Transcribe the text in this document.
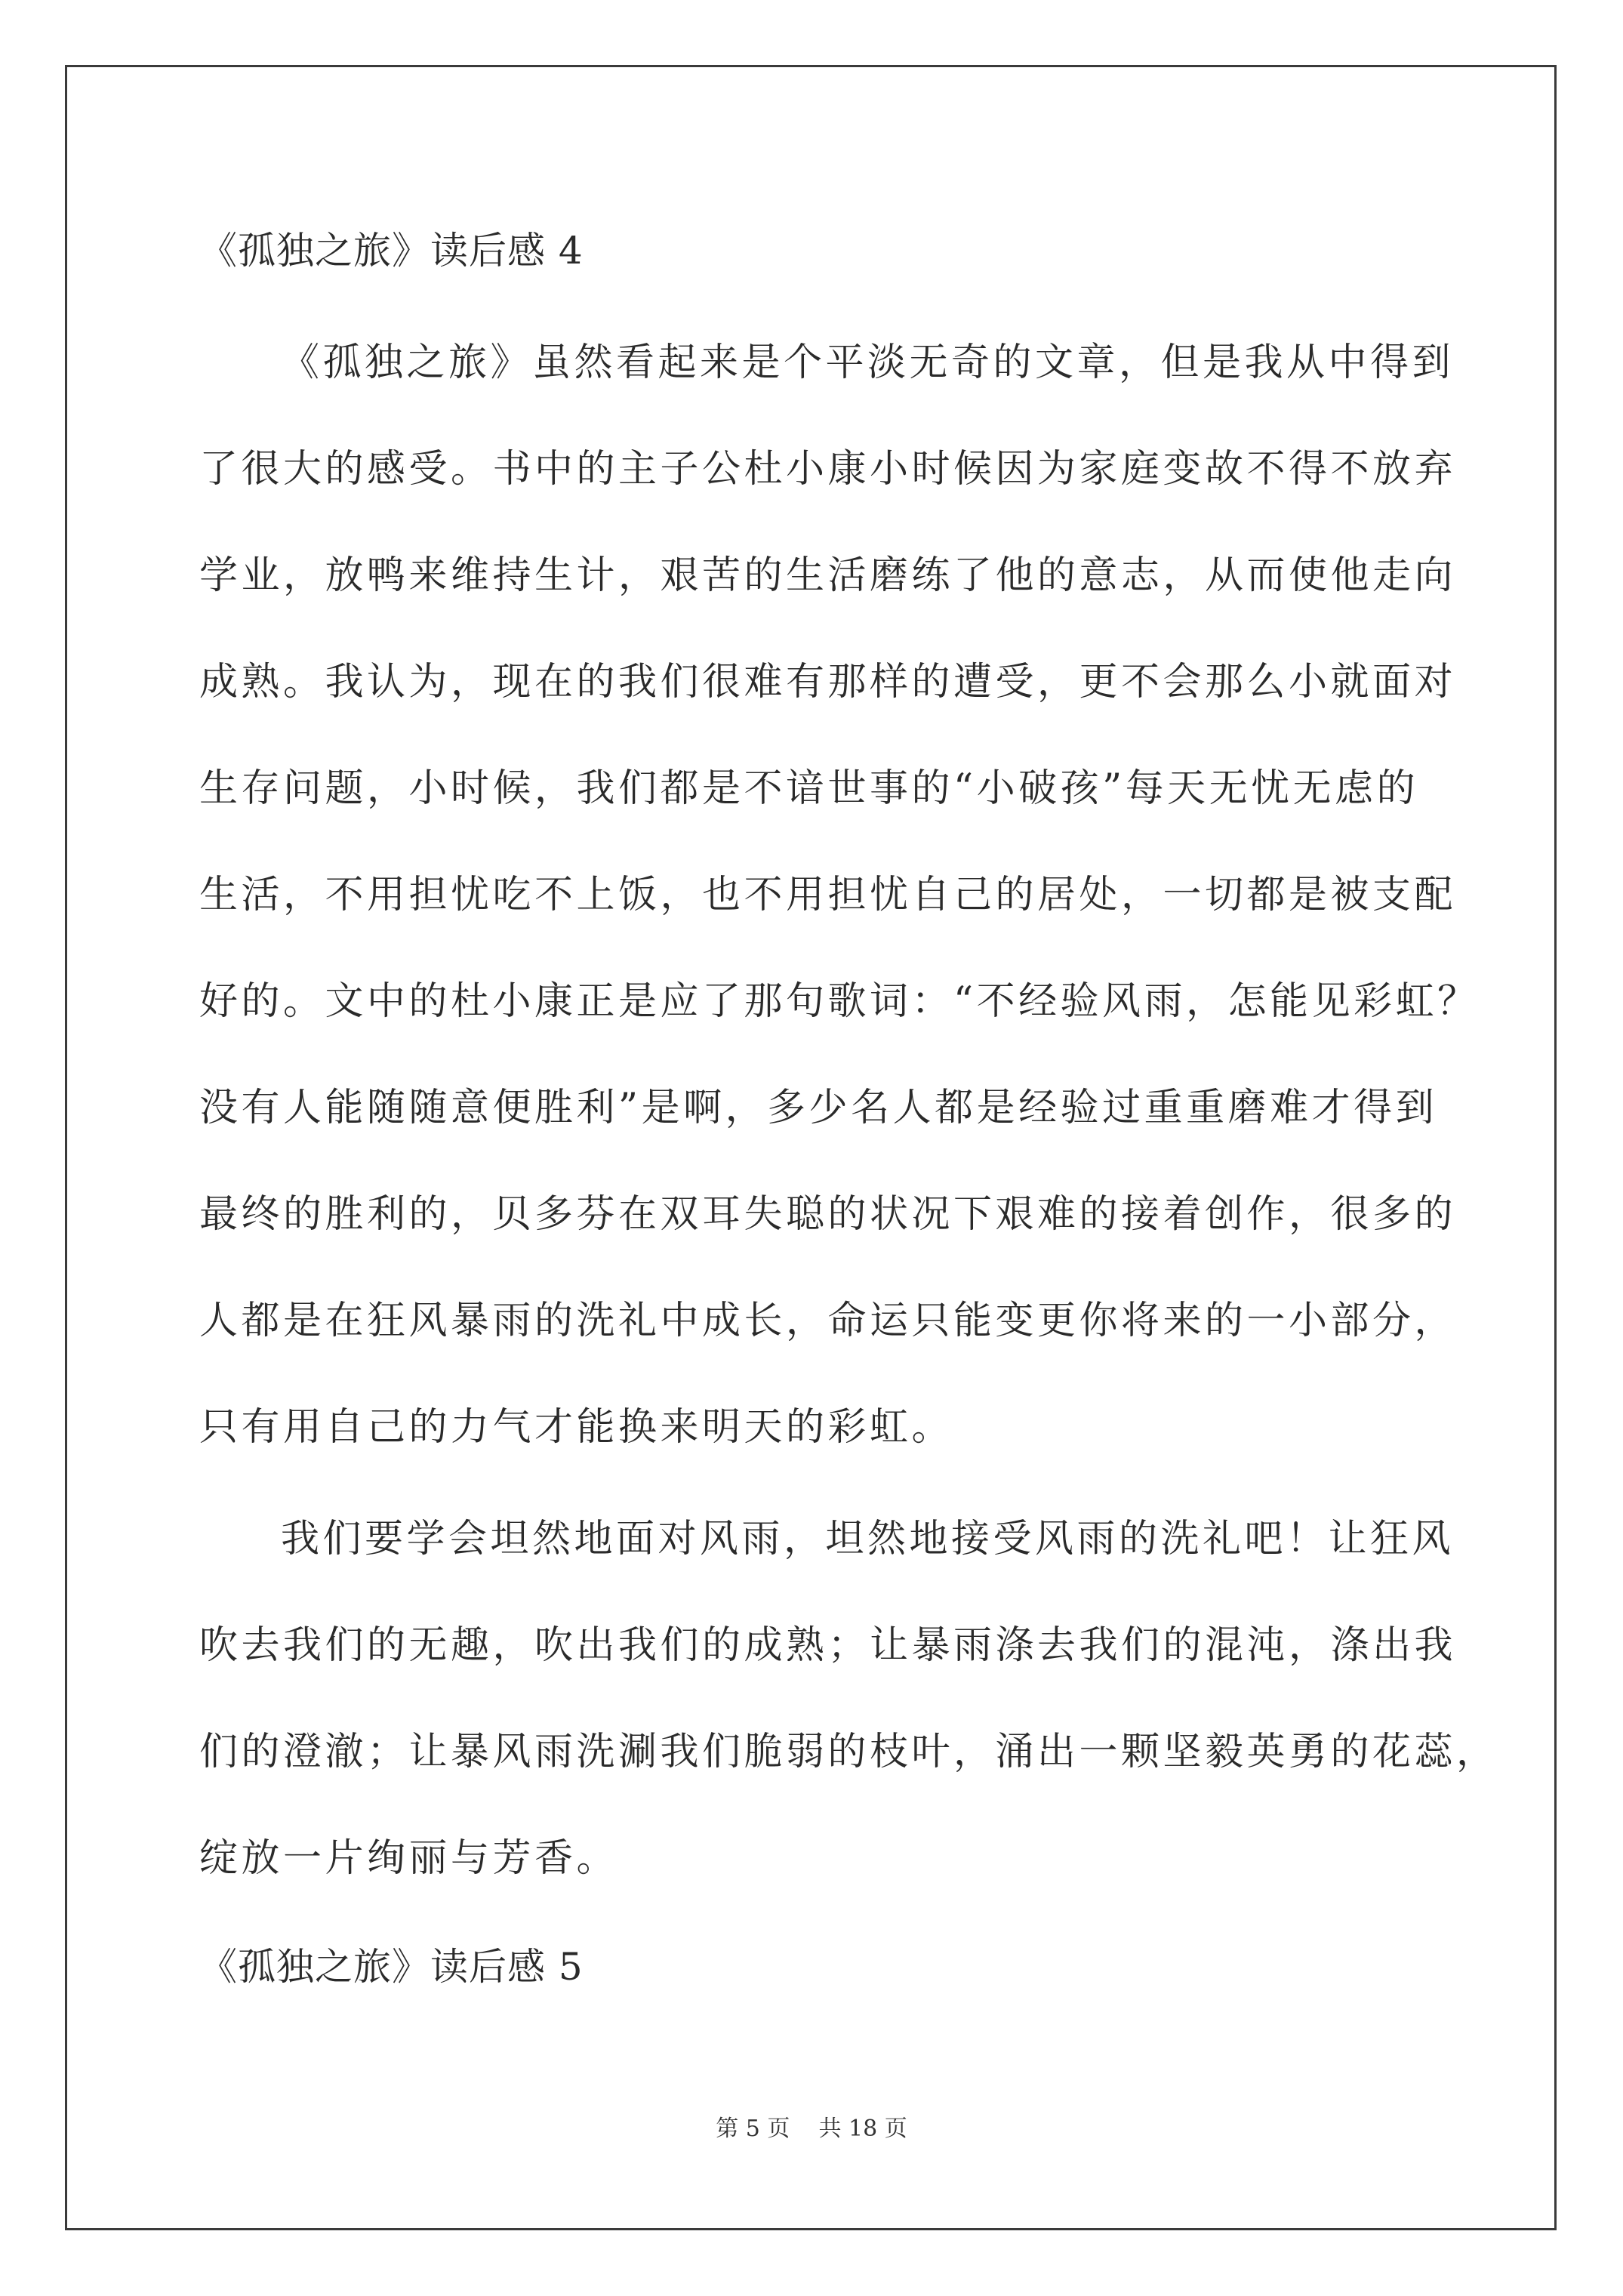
《孤独之旅》读后感 4
《孤独之旅》虽然看起来是个平淡无奇的文章，但是我从中得到
了很大的感受。书中的主子公杜小康小时候因为家庭变故不得不放弃
学业，放鸭来维持生计，艰苦的生活磨练了他的意志，从而使他走向
成熟。我认为，现在的我们很难有那样的遭受，更不会那么小就面对
生存问题，小时候，我们都是不谙世事的“小破孩”每天无忧无虑的
生活，不用担忧吃不上饭，也不用担忧自己的居处，一切都是被支配
好的。文中的杜小康正是应了那句歌词：“不经验风雨，怎能见彩虹？
没有人能随随意便胜利”是啊，多少名人都是经验过重重磨难才得到
最终的胜利的，贝多芬在双耳失聪的状况下艰难的接着创作，很多的
人都是在狂风暴雨的洗礼中成长，命运只能变更你将来的一小部分，
只有用自己的力气才能换来明天的彩虹。
我们要学会坦然地面对风雨，坦然地接受风雨的洗礼吧！让狂风
吹去我们的无趣，吹出我们的成熟；让暴雨涤去我们的混沌，涤出我
们的澄澈；让暴风雨洗涮我们脆弱的枝叶，涌出一颗坚毅英勇的花蕊，
绽放一片绚丽与芳香。
《孤独之旅》读后感 5
第 5 页    共 18 页
